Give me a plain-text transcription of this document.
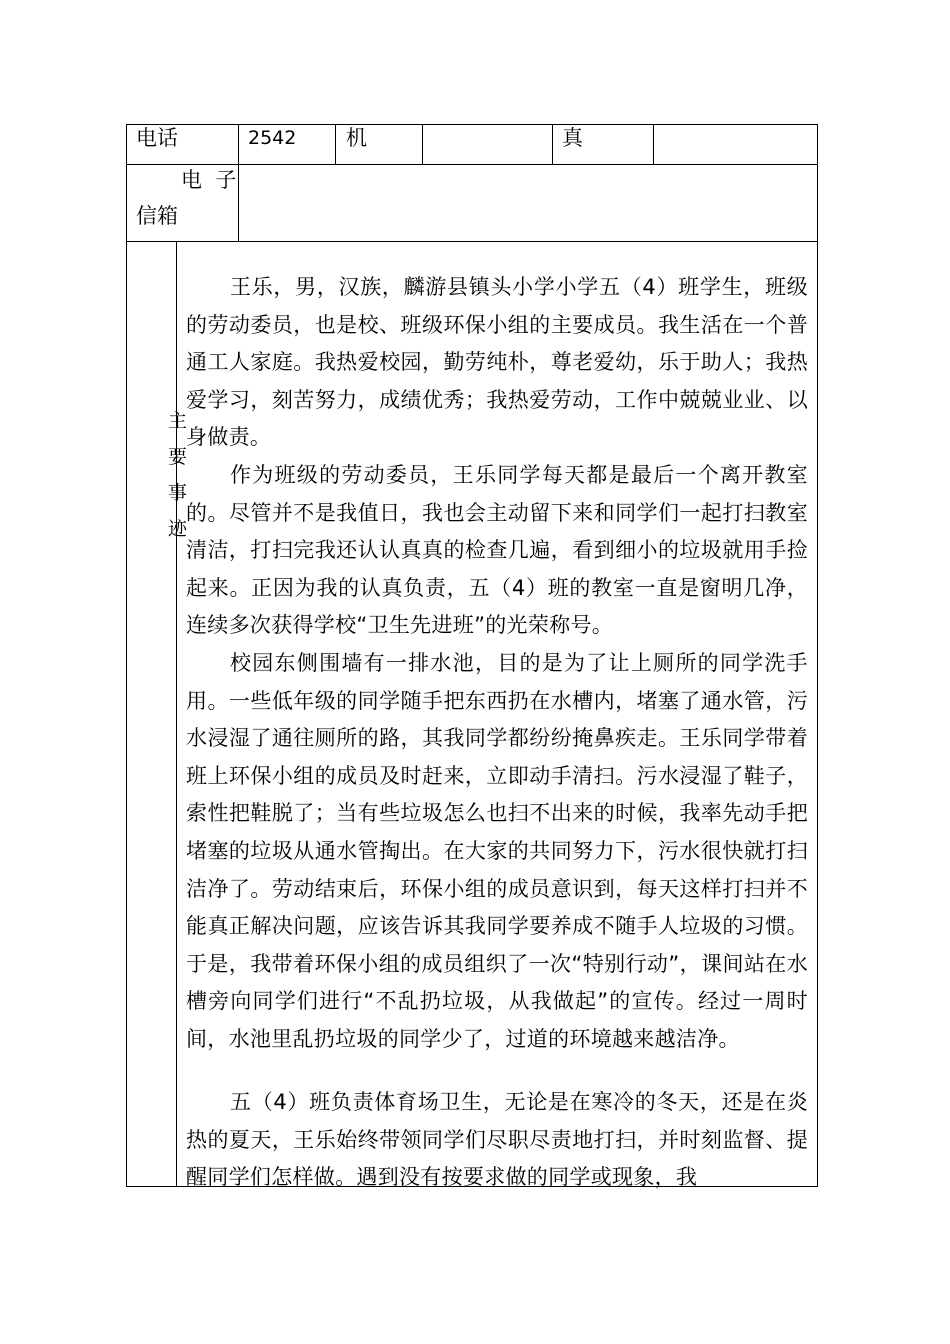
电话	2542 机	真
电  子
信箱
主
要
事
迹

王乐，男，汉族，麟游县镇头小学小学五（4）班学生，班级的劳动委员，也是校、班级环保小组的主要成员。我生活在一个普通工人家庭。我热爱校园，勤劳纯朴，尊老爱幼，乐于助人；我热爱学习，刻苦努力，成绩优秀；我热爱劳动，工作中兢兢业业、以身做责。

作为班级的劳动委员，王乐同学每天都是最后一个离开教室的。尽管并不是我值日，我也会主动留下来和同学们一起打扫教室清洁，打扫完我还认认真真的检查几遍，看到细小的垃圾就用手捡起来。正因为我的认真负责，五（4）班的教室一直是窗明几净，连续多次获得学校“卫生先进班”的光荣称号。

校园东侧围墙有一排水池，目的是为了让上厕所的同学洗手用。一些低年级的同学随手把东西扔在水槽内，堵塞了通水管，污水浸湿了通往厕所的路，其我同学都纷纷掩鼻疾走。王乐同学带着班上环保小组的成员及时赶来，立即动手清扫。污水浸湿了鞋子，索性把鞋脱了；当有些垃圾怎么也扫不出来的时候，我率先动手把堵塞的垃圾从通水管掏出。在大家的共同努力下，污水很快就打扫洁净了。劳动结束后，环保小组的成员意识到，每天这样打扫并不能真正解决问题，应该告诉其我同学要养成不随手人垃圾的习惯。于是，我带着环保小组的成员组织了一次“特别行动”，课间站在水槽旁向同学们进行“不乱扔垃圾，从我做起”的宣传。经过一周时间，水池里乱扔垃圾的同学少了，过道的环境越来越洁净。

五（4）班负责体育场卫生，无论是在寒冷的冬天，还是在炎热的夏天，王乐始终带领同学们尽职尽责地打扫，并时刻监督、提醒同学们怎样做。遇到没有按要求做的同学或现象，我
